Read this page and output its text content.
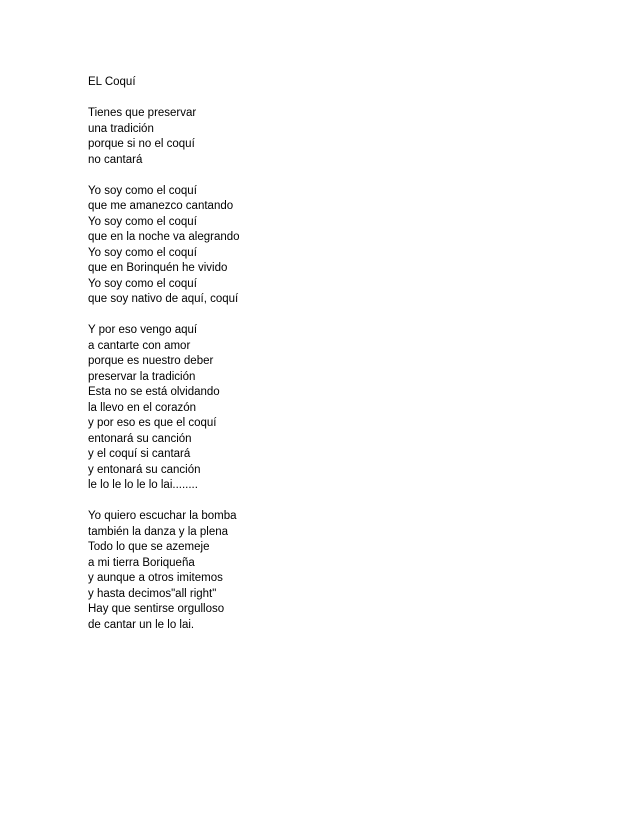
EL Coquí
Tienes que preservar
una tradición
porque si no el coquí
no cantará
Yo soy como el coquí
que me amanezco cantando
Yo soy como el coquí
que en la noche va alegrando
Yo soy como el coquí
que en Borinquén he vivido
Yo soy como el coquí
que soy nativo de aquí, coquí
Y por eso vengo aquí
a cantarte con amor
porque es nuestro deber
preservar la tradición
Esta no se está olvidando
la llevo en el corazón
y por eso es que el coquí
entonará su canción
y el coquí si cantará
y entonará su canción
le lo le lo le lo lai........
Yo quiero escuchar la bomba
también la danza y la plena
Todo lo que se azemeje
a mi tierra Boriqueña
y aunque a otros imitemos
y hasta decimos"all right"
Hay que sentirse orgulloso
de cantar un le lo lai.
